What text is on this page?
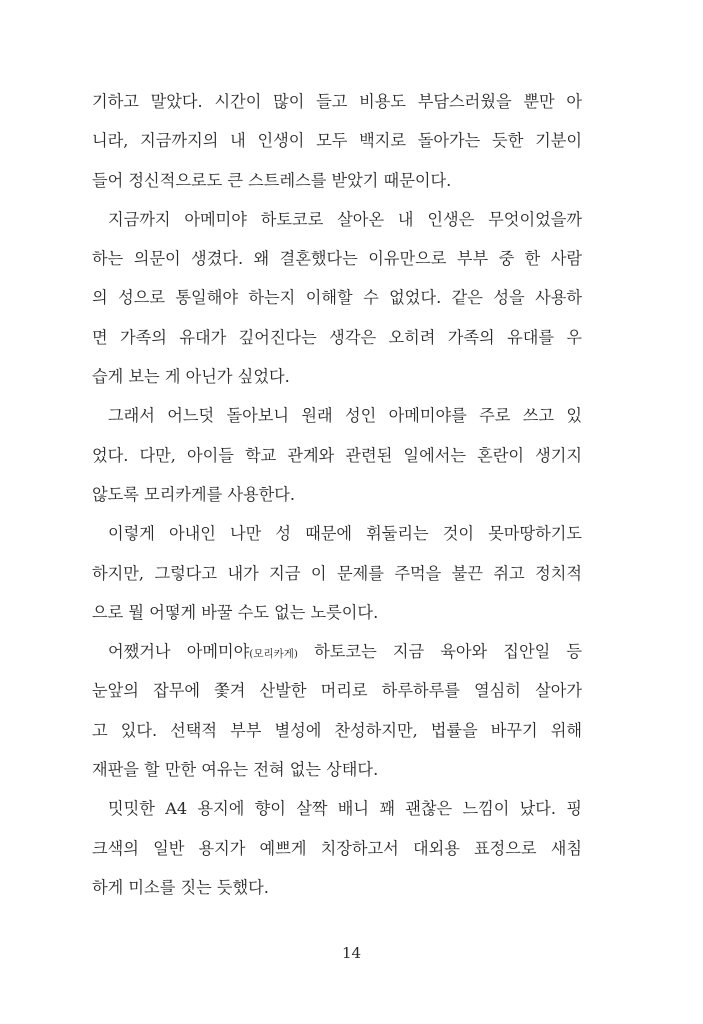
기하고 말았다. 시간이 많이 들고 비용도 부담스러웠을 뿐만 아
니라, 지금까지의 내 인생이 모두 백지로 돌아가는 듯한 기분이
들어 정신적으로도 큰 스트레스를 받았기 때문이다.
지금까지 아메미야 하토코로 살아온 내 인생은 무엇이었을까
하는 의문이 생겼다. 왜 결혼했다는 이유만으로 부부 중 한 사람
의 성으로 통일해야 하는지 이해할 수 없었다. 같은 성을 사용하
면 가족의 유대가 깊어진다는 생각은 오히려 가족의 유대를 우
습게 보는 게 아닌가 싶었다.
그래서 어느덧 돌아보니 원래 성인 아메미야를 주로 쓰고 있
었다. 다만, 아이들 학교 관계와 관련된 일에서는 혼란이 생기지
않도록 모리카게를 사용한다.
이렇게 아내인 나만 성 때문에 휘둘리는 것이 못마땅하기도
하지만, 그렇다고 내가 지금 이 문제를 주먹을 불끈 쥐고 정치적
으로 뭘 어떻게 바꿀 수도 없는 노릇이다.
어쨌거나 아메미야(모리카게) 하토코는 지금 육아와 집안일 등
눈앞의 잡무에 쫓겨 산발한 머리로 하루하루를 열심히 살아가
고 있다. 선택적 부부 별성에 찬성하지만, 법률을 바꾸기 위해
재판을 할 만한 여유는 전혀 없는 상태다.
밋밋한 A4 용지에 향이 살짝 배니 꽤 괜찮은 느낌이 났다. 핑
크색의 일반 용지가 예쁘게 치장하고서 대외용 표정으로 새침
하게 미소를 짓는 듯했다.
14
